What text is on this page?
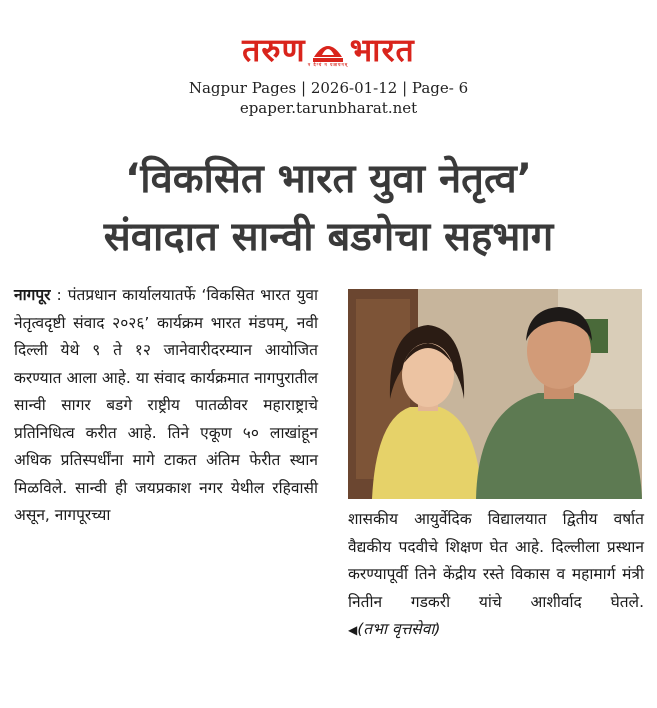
तरुण न दैन्यं न पलायनम् भारत
Nagpur Pages | 2026-01-12 | Page- 6
epaper.tarunbharat.net
‘विकसित भारत युवा नेतृत्व’
संवादात सान्वी बडगेचा सहभाग
नागपूर : पंतप्रधान कार्यालयातर्फे ‘विकसित भारत युवा नेतृत्वदृष्टी संवाद २०२६’ कार्यक्रम भारत मंडपम्, नवी दिल्ली येथे ९ ते १२ जानेवारीदरम्यान आयोजित करण्यात आला आहे. या संवाद कार्यक्रमात नागपुरातील सान्वी सागर बडगे राष्ट्रीय पातळीवर महाराष्ट्राचे प्रतिनिधित्व करीत आहे. तिने एकूण ५० लाखांहून अधिक प्रतिस्पर्धींना मागे टाकत अंतिम फेरीत स्थान मिळविले. सान्वी ही जयप्रकाश नगर येथील रहिवासी असून, नागपूरच्या	शासकीय आयुर्वेदिक विद्यालयात द्वितीय वर्षात वैद्यकीय पदवीचे शिक्षण घेत आहे. दिल्लीला प्रस्थान करण्यापूर्वी तिने केंद्रीय रस्ते विकास व महामार्ग मंत्री नितीन गडकरी यांचे आशीर्वाद घेतले. ◀(तभा वृत्तसेवा)
